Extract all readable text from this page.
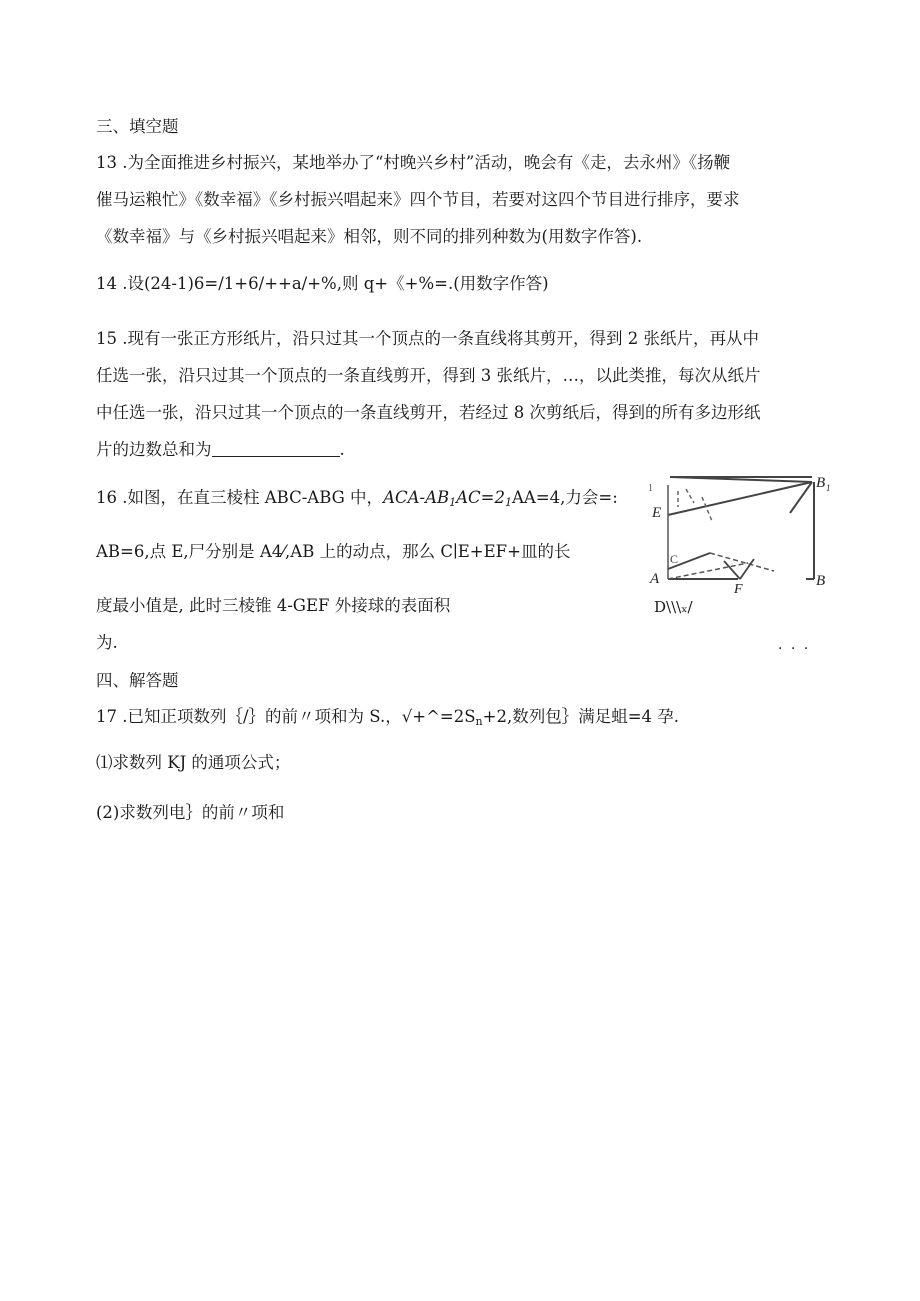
三、填空题
13 .为全面推进乡村振兴，某地举办了“村晚兴乡村”活动，晚会有《走，去永州》《扬鞭
催马运粮忙》《数幸福》《乡村振兴唱起来》四个节目，若要对这四个节目进行排序，要求
《数幸福》与《乡村振兴唱起来》相邻，则不同的排列种数为(用数字作答).
14 .设(24-1)6=/1+6/++a/+%,则 q+《+%=.(用数字作答)
15 .现有一张正方形纸片，沿只过其一个顶点的一条直线将其剪开，得到 2 张纸片，再从中
任选一张，沿只过其一个顶点的一条直线剪开，得到 3 张纸片，…，以此类推，每次从纸片
中任选一张，沿只过其一个顶点的一条直线剪开，若经过 8 次剪纸后，得到的所有多边形纸
片的边数总和为	.
16 .如图，在直三棱柱 ABC-ABG 中，ACA-$AB_1AC=2_1AA=4$,力会=:
AB=6,点 E,尸分别是 A4⁄,AB 上的动点，那么 C∣E+EF+皿的长
度最小值是, 此时三棱锥 4-GEF 外接球的表面积
为.	. . .
D\\\ₓ/
B 1
E
A	B
F
C
1
四、解答题
17 .已知正项数列｛/｝的前〃项和为 S.，$√+\^{}=2S_n+2$,数列包｝满足蛆=4 孕.
⑴求数列 KJ 的通项公式；
(2)求数列电｝的前〃项和
